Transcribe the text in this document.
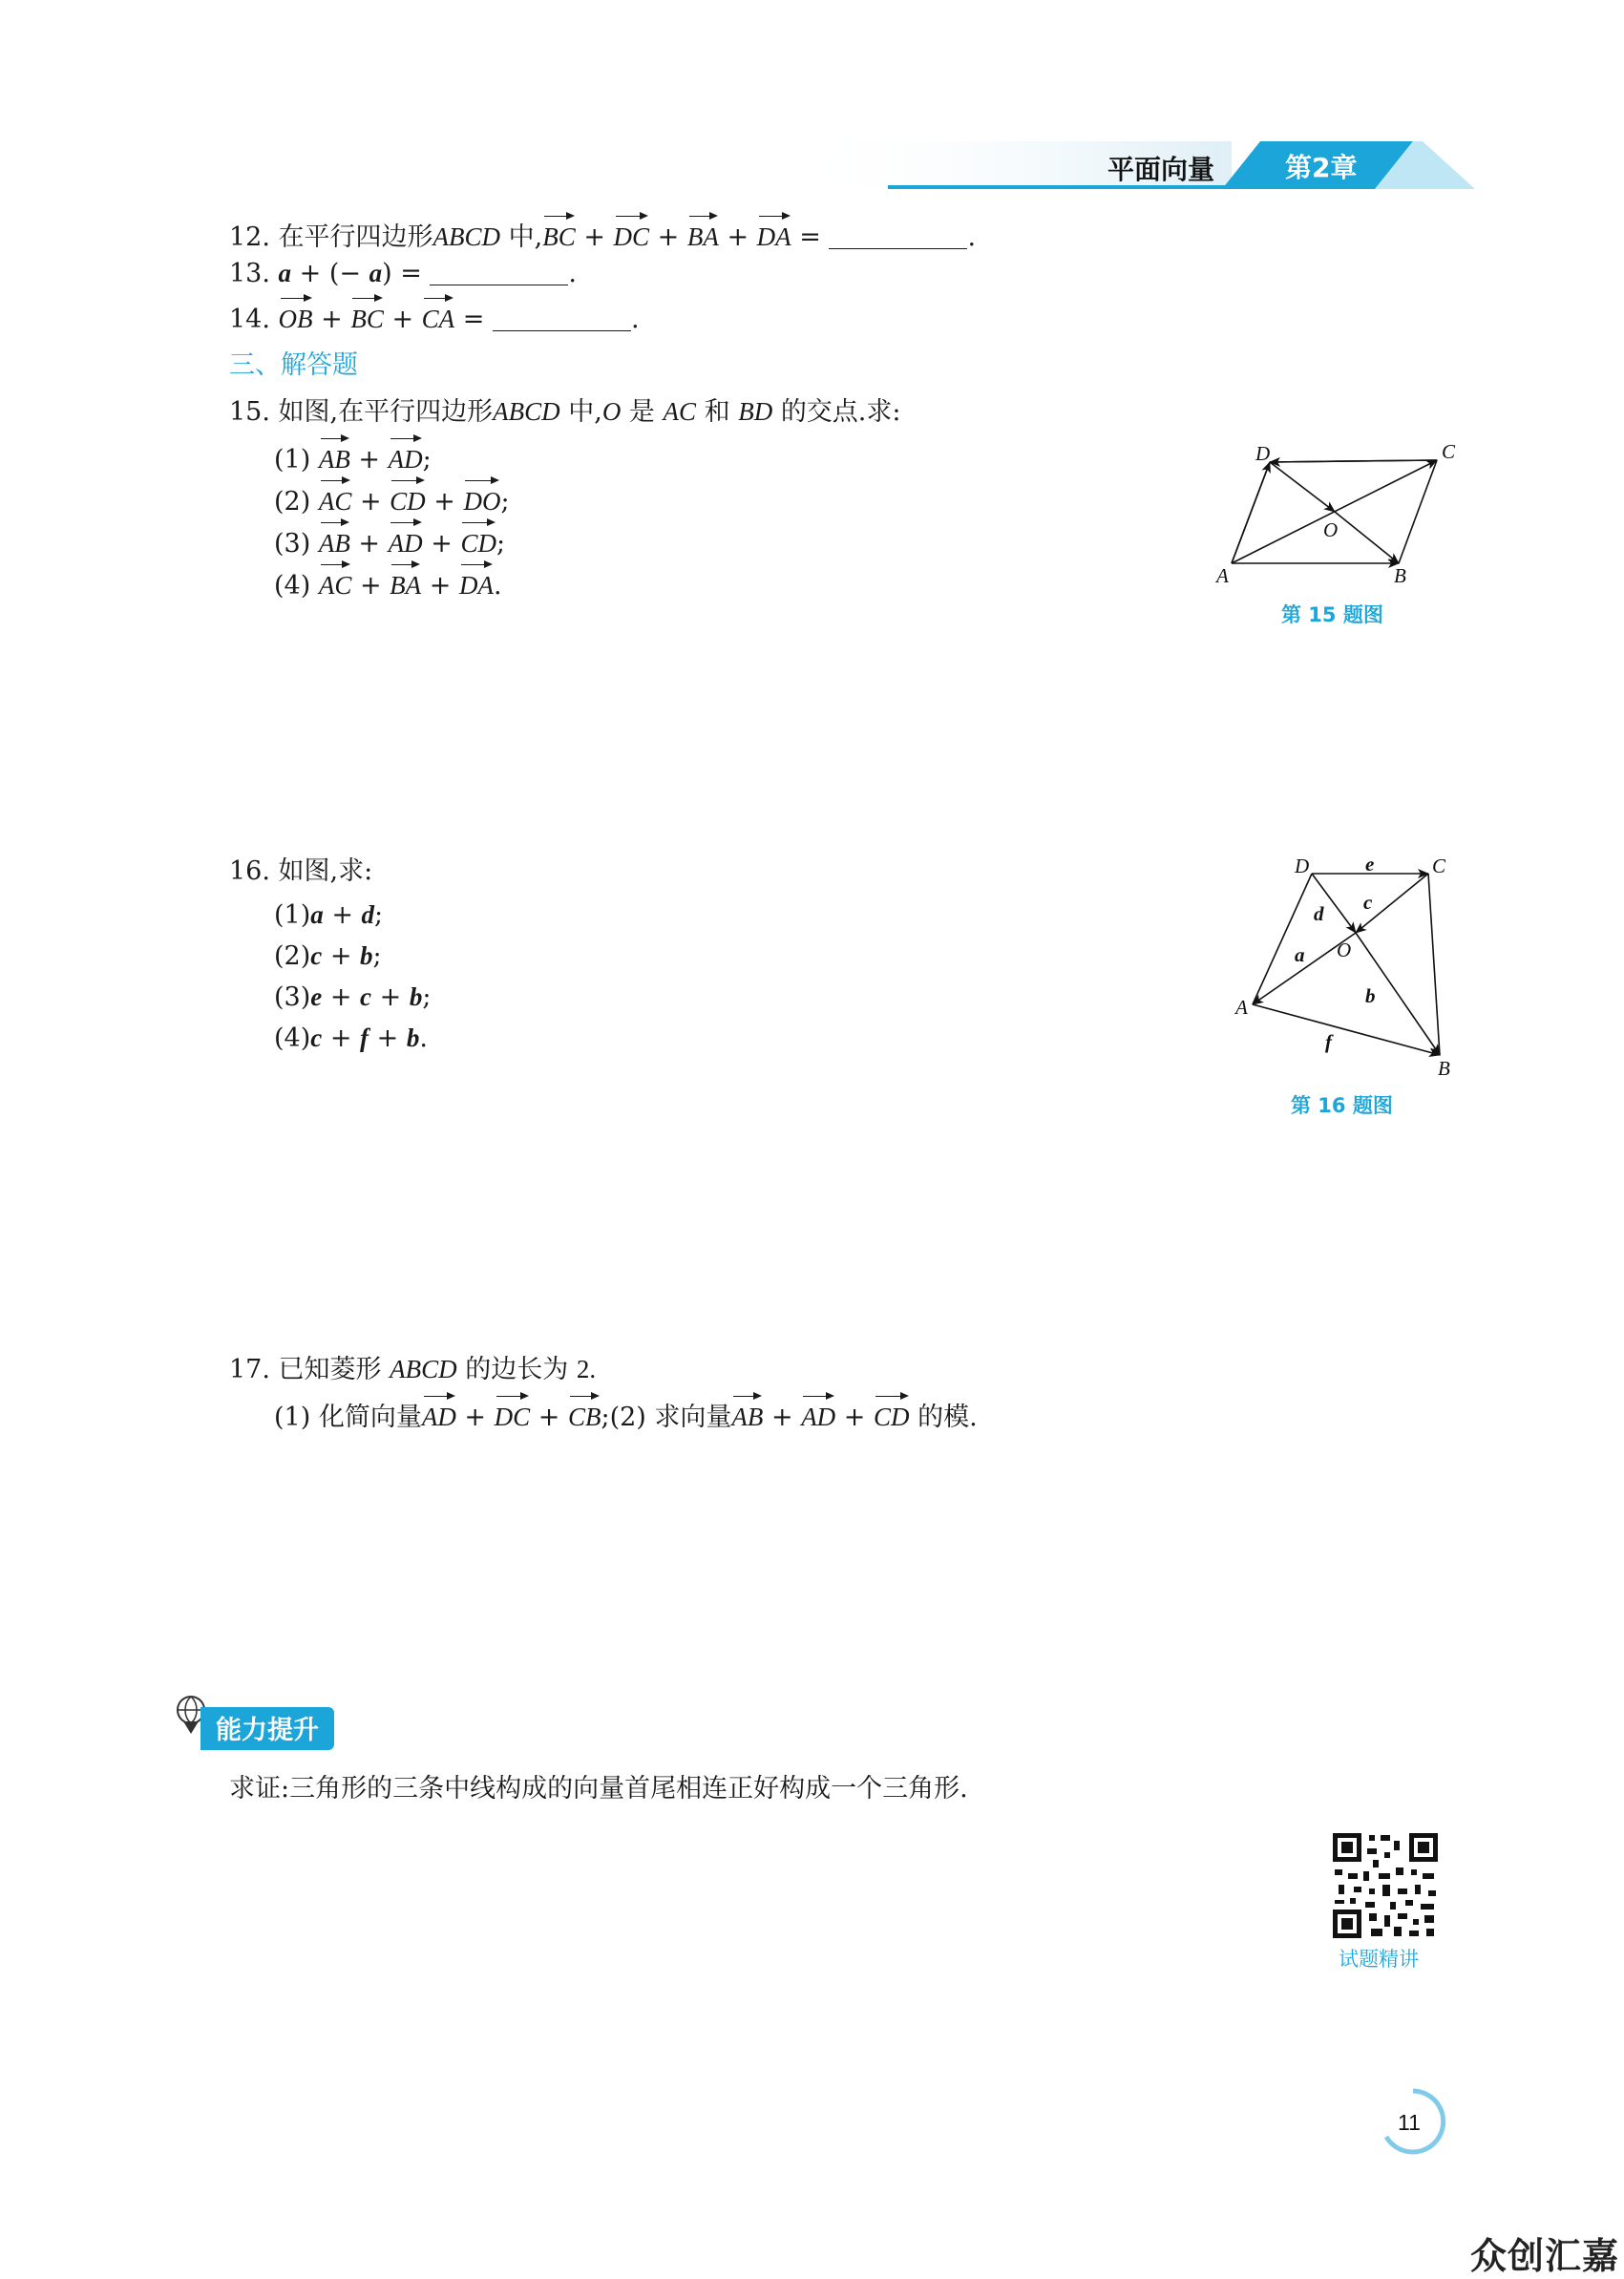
平面向量	第2章
12. 在平行四边形ABCD 中,BC + DC + BA + DA =	.
13. a + (− a) =	.
14. OB + BC + CA =	.
三、解答题
15. 如图,在平行四边形ABCD 中,O 是 AC 和 BD 的交点.求:
(1) AB + AD;
(2) AC + CD + DO;
(3) AB + AD + CD;
(4) AC + BA + DA.
D	C
A	B
O
第 15 题图
16. 如图,求:
(1)a + d;
(2)c + b;
(3)e + c + b;
(4)c + f + b.
D	C
A
B
O
e
c
d
a
b
f
第 16 题图
17. 已知菱形 ABCD 的边长为 2.
(1) 化简向量AD + DC + CB;(2) 求向量AB + AD + CD 的模.
能力提升
求证:三角形的三条中线构成的向量首尾相连正好构成一个三角形.
试题精讲
11
众创汇嘉
